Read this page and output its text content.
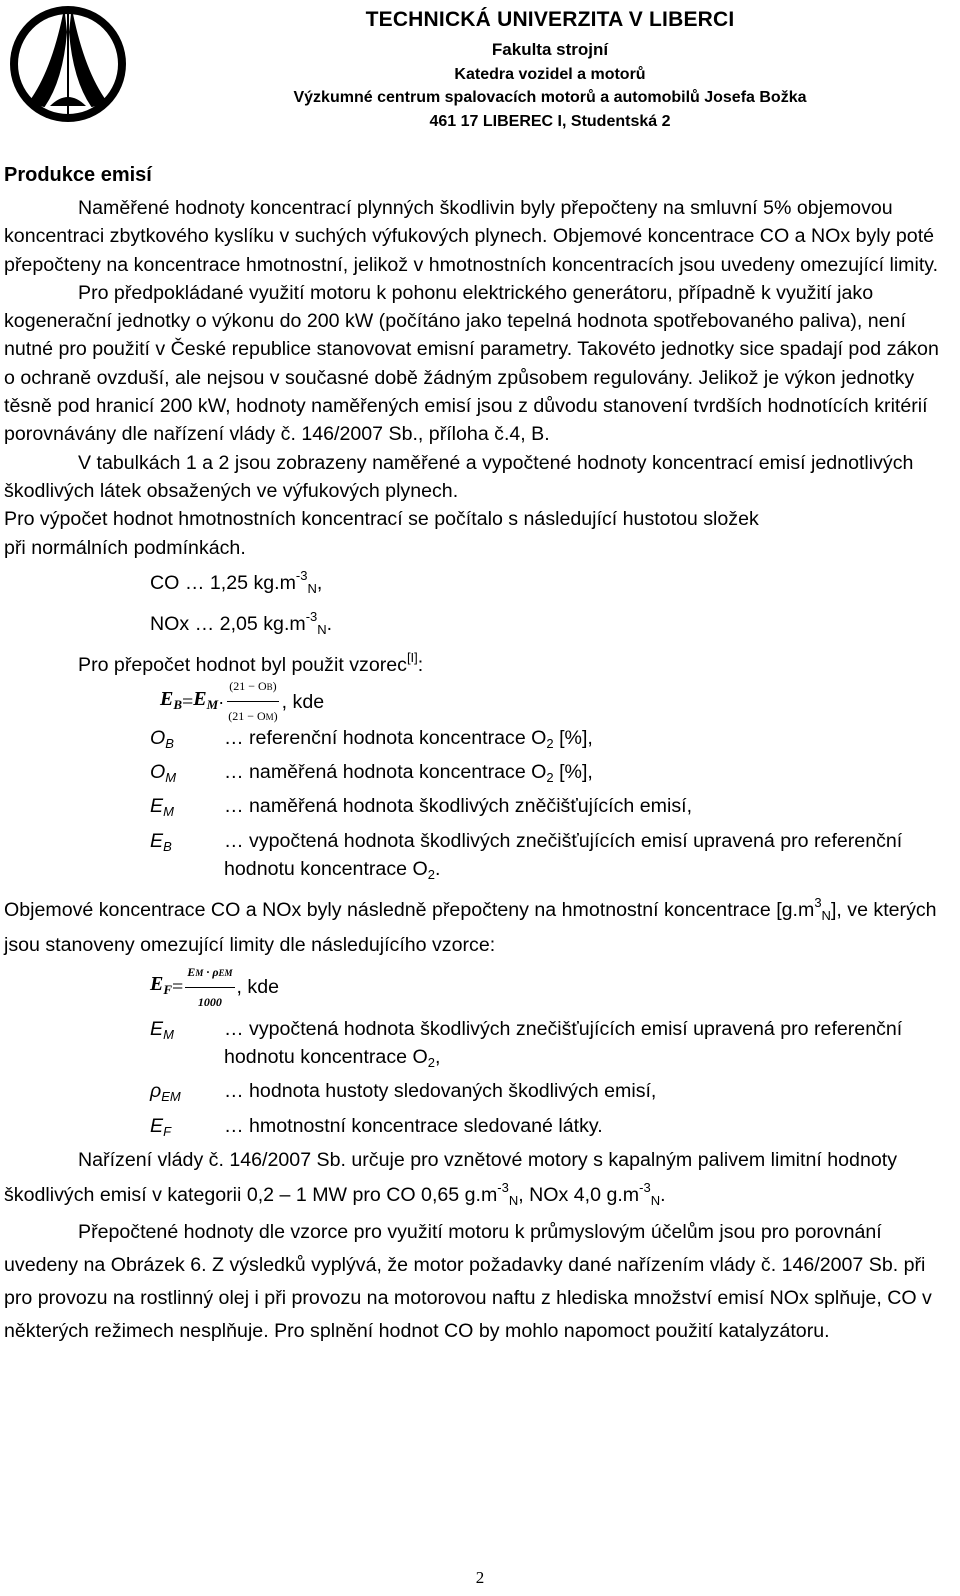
TECHNICKÁ UNIVERZITA V LIBERCI
Fakulta strojní
Katedra vozidel a motorů
Výzkumné centrum spalovacích motorů a automobilů Josefa Božka
461 17 LIBEREC I, Studentská 2
Produkce emisí

Naměřené hodnoty koncentrací plynných škodlivin byly přepočteny na smluvní 5% objemovou koncentraci zbytkového kyslíku v suchých výfukových plynech. Objemové koncentrace CO a NOx byly poté přepočteny na koncentrace hmotnostní, jelikož v hmotnostních koncentracích jsou uvedeny omezující limity.

Pro předpokládané využití motoru k pohonu elektrického generátoru, případně k využití jako kogenerační jednotky o výkonu do 200 kW (počítáno jako tepelná hodnota spotřebovaného paliva), není nutné pro použití v České republice stanovovat emisní parametry. Takovéto jednotky sice spadají pod zákon o ochraně ovzduší, ale nejsou v současné době žádným způsobem regulovány. Jelikož je výkon jednotky těsně pod hranicí 200 kW, hodnoty naměřených emisí jsou z důvodu stanovení tvrdších hodnotících kritérií porovnávány dle nařízení vlády č. 146/2007 Sb., příloha č.4, B.

V tabulkách 1 a 2 jsou zobrazeny naměřené a vypočtené hodnoty koncentrací emisí jednotlivých škodlivých látek obsažených ve výfukových plynech.

Pro výpočet hodnot hmotnostních koncentrací se počítalo s následující hustotou složek

při normálních podmínkách.

CO … 1,25 $kg.m^{-3}_N$,

NOx … 2,05 $kg.m^{-3}_N$.

Pro přepočet hodnot byl použit vzorec[I]:

$E_B = E_M \cdot \frac{(21 - OB)}{(21 - OM)}$ , kde
$O_B$	… referenční hodnota koncentrace $O_2$ [%],
$O_M$	… naměřená hodnota koncentrace $O_2$ [%],
$E_M$	… naměřená hodnota škodlivých zněčišťujících emisí,
$E_B$	… vypočtená hodnota škodlivých znečišťujících emisí upravená pro referenční hodnotu koncentrace $O_2$.

Objemové koncentrace CO a NOx byly následně přepočteny na hmotnostní koncentrace $[g.m^3_N]$, ve kterých jsou stanoveny omezující limity dle následujícího vzorce:

$E_F = \frac{\text{EM · ρEM}}{1000}$ , kde
$E_M$	… vypočtená hodnota škodlivých znečišťujících emisí upravená pro referenční hodnotu koncentrace $O_2$,
$\rho_{EM}$	… hodnota hustoty sledovaných škodlivých emisí,
$E_F$	… hmotnostní koncentrace sledované látky.

Nařízení vlády č. 146/2007 Sb. určuje pro vznětové motory s kapalným palivem limitní hodnoty škodlivých emisí v kategorii 0,2 – 1 MW pro CO 0,65 $g.m^{-3}_N$, NOx 4,0 $g.m^{-3}_N$.

Přepočtené hodnoty dle vzorce pro využití motoru k průmyslovým účelům jsou pro porovnání uvedeny na Obrázek 6. Z výsledků vyplývá, že motor požadavky dané nařízením vlády č. 146/2007 Sb. při pro provozu na rostlinný olej i při provozu na motorovou naftu z hlediska množství emisí NOx splňuje, CO v některých režimech nesplňuje. Pro splnění hodnot CO by mohlo napomoct použití katalyzátoru.

2
